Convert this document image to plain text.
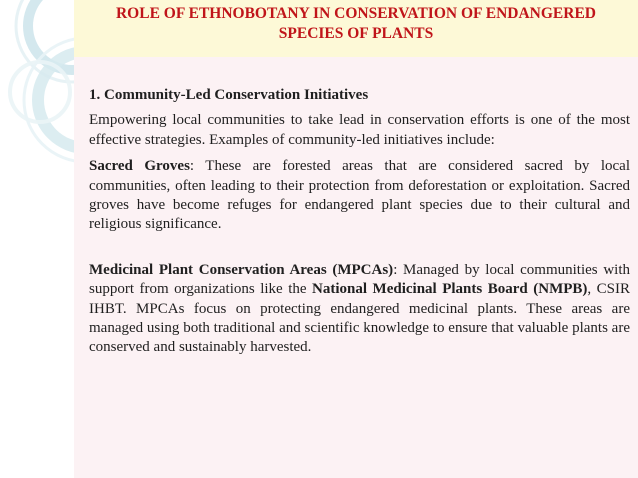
ROLE OF ETHNOBOTANY IN CONSERVATION OF ENDANGERED
SPECIES OF PLANTS

1. Community-Led Conservation Initiatives

Empowering local communities to take lead in conservation efforts is one of the most effective strategies. Examples of community-led initiatives include:

Sacred Groves: These are forested areas that are considered sacred by local communities, often leading to their protection from deforestation or exploitation. Sacred groves have become refuges for endangered plant species due to their cultural and religious significance.

Medicinal Plant Conservation Areas (MPCAs): Managed by local communities with support from organizations like the National Medicinal Plants Board (NMPB), CSIR IHBT. MPCAs focus on protecting endangered medicinal plants. These areas are managed using both traditional and scientific knowledge to ensure that valuable plants are conserved and sustainably harvested.
